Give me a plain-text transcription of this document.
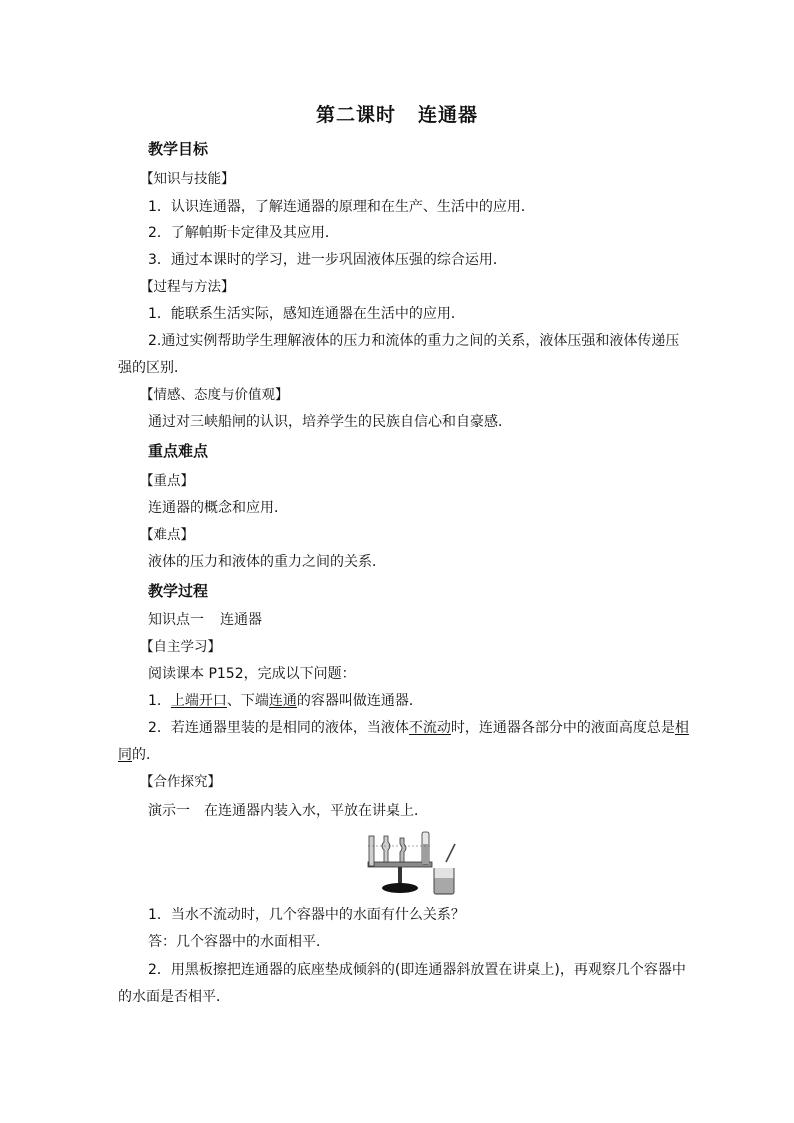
第二课时 连通器
教学目标
【知识与技能】
1．认识连通器，了解连通器的原理和在生产、生活中的应用．
2．了解帕斯卡定律及其应用．
3．通过本课时的学习，进一步巩固液体压强的综合运用．
【过程与方法】
1．能联系生活实际，感知连通器在生活中的应用．
2.通过实例帮助学生理解液体的压力和流体的重力之间的关系，液体压强和液体传递压
强的区别．
【情感、态度与价值观】
通过对三峡船闸的认识，培养学生的民族自信心和自豪感．
重点难点
【重点】
连通器的概念和应用．
【难点】
液体的压力和液体的重力之间的关系．
教学过程
知识点一 连通器
【自主学习】
阅读课本 P152，完成以下问题：
1．上端开口、下端连通的容器叫做连通器．
2．若连通器里装的是相同的液体，当液体不流动时，连通器各部分中的液面高度总是相
同的．
【合作探究】
演示一 在连通器内装入水，平放在讲桌上．
1．当水不流动时，几个容器中的水面有什么关系？
答：几个容器中的水面相平．
2．用黑板擦把连通器的底座垫成倾斜的(即连通器斜放置在讲桌上)，再观察几个容器中
的水面是否相平．
